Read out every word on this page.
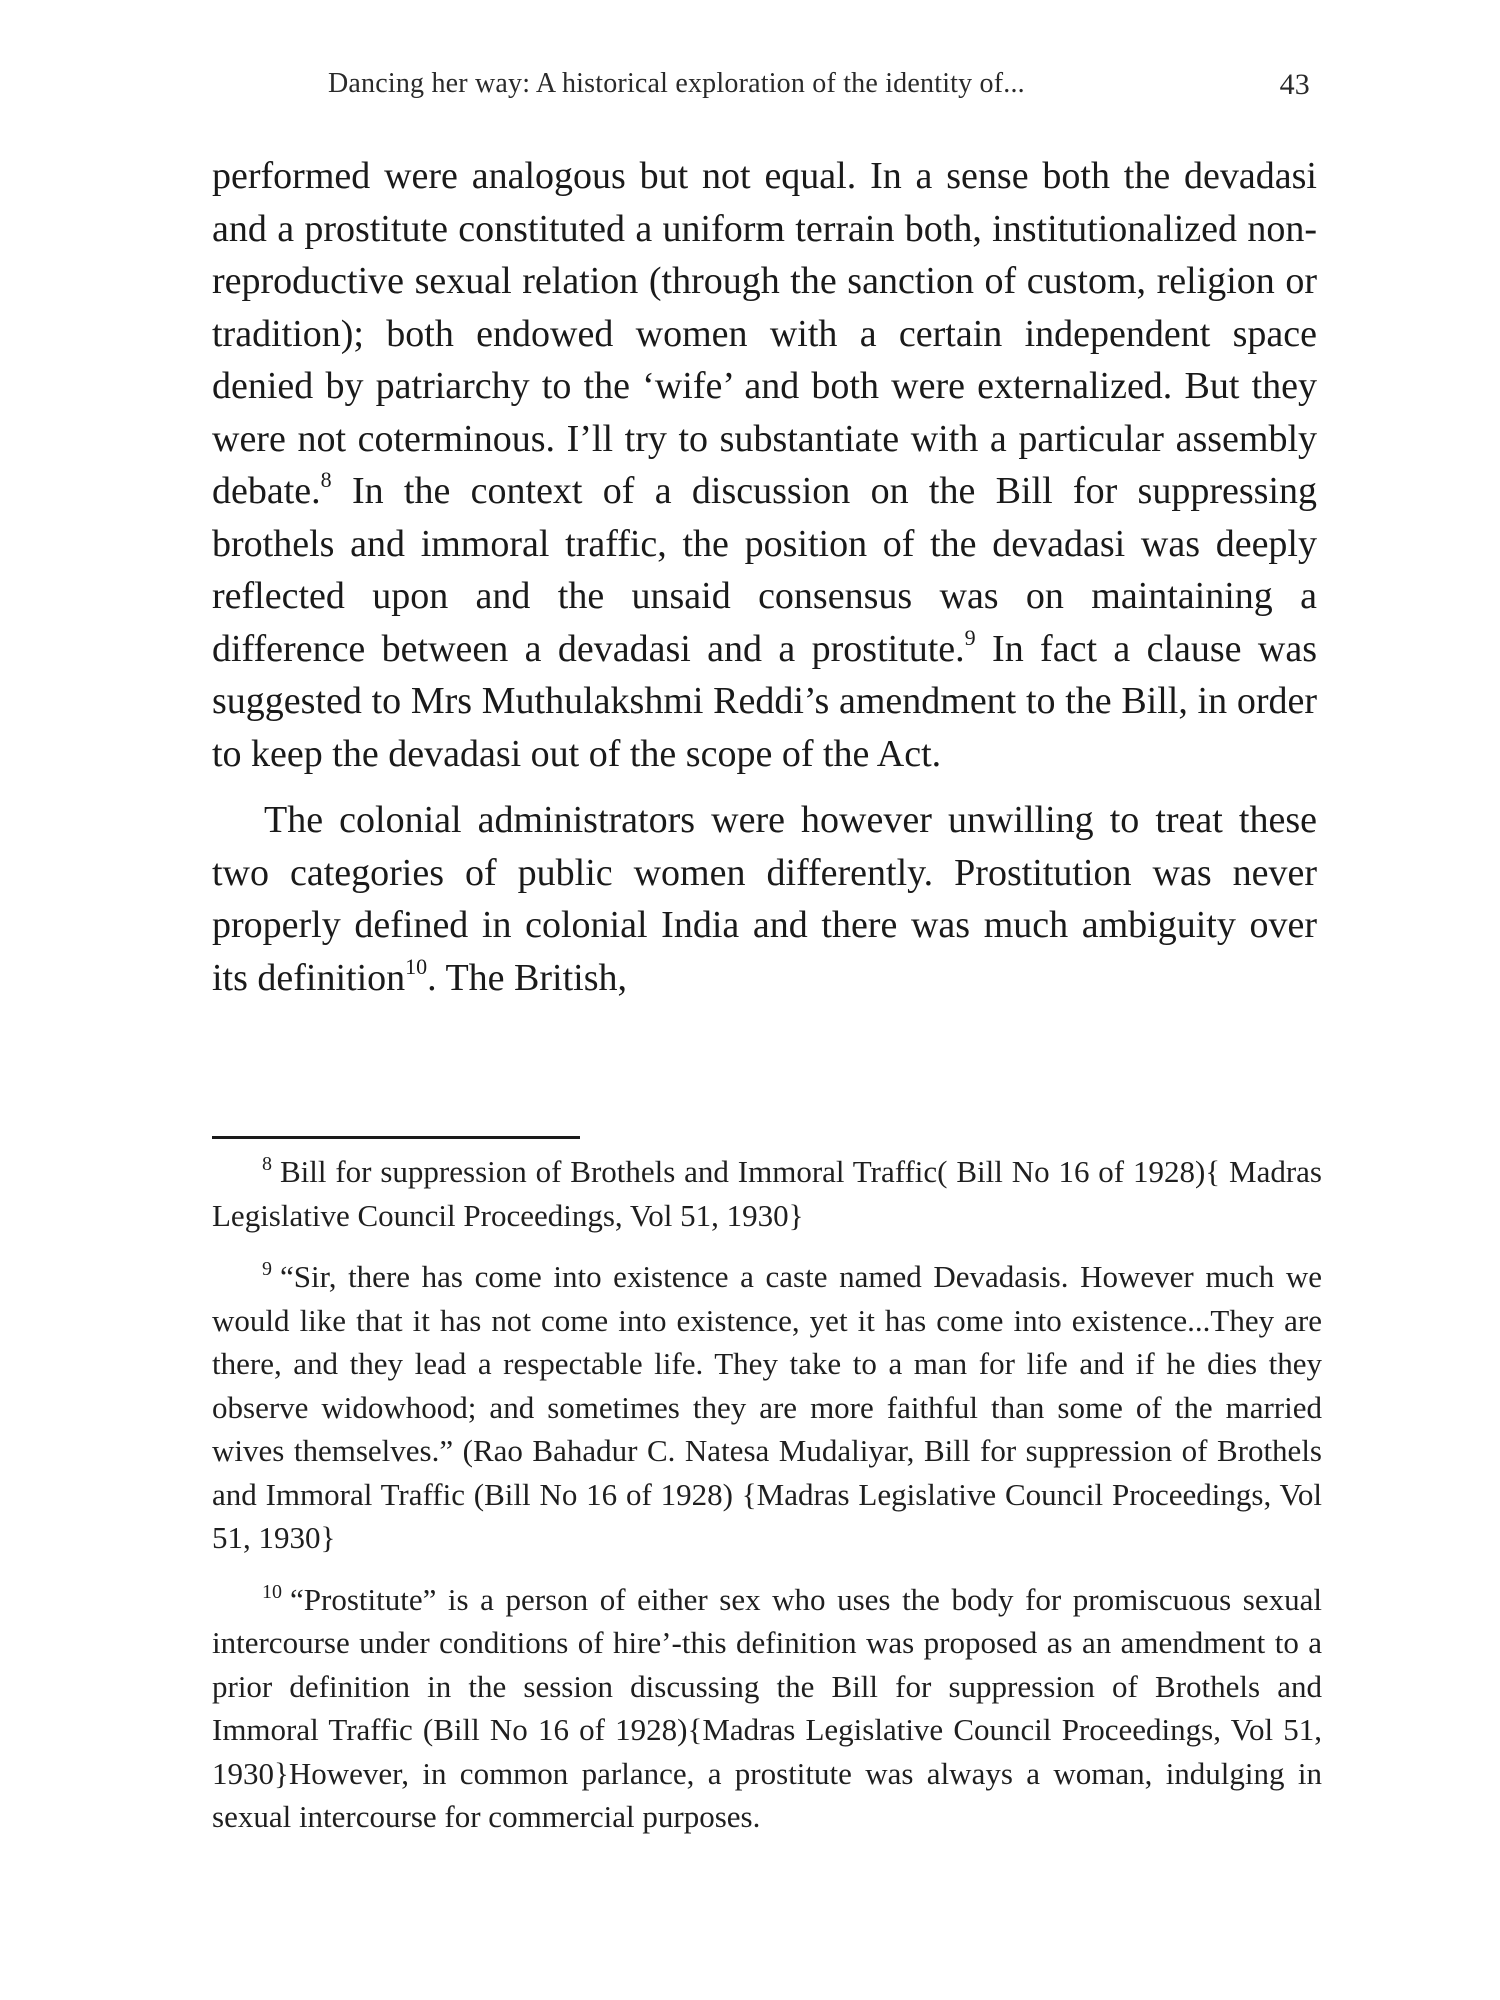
Dancing her way: A historical exploration of the identity of...	43

performed were analogous but not equal. In a sense both the devadasi and a prostitute constituted a uniform terrain both, institutionalized non-reproductive sexual relation (through the sanction of custom, religion or tradition); both endowed women with a certain independent space denied by patriarchy to the ‘wife’ and both were externalized. But they were not coterminous. I’ll try to substantiate with a particular assembly debate.$^8$ In the context of a discussion on the Bill for suppressing brothels and immoral traffic, the position of the devadasi was deeply reflected upon and the unsaid consensus was on maintaining a difference between a devadasi and a prostitute.$^9$ In fact a clause was suggested to Mrs Muthulakshmi Reddi’s amendment to the Bill, in order to keep the devadasi out of the scope of the Act.

The colonial administrators were however unwilling to treat these two categories of public women differently. Prostitution was never properly defined in colonial India and there was much ambiguity over its definition$^{10}$. The British,

$^8$ Bill for suppression of Brothels and Immoral Traffic( Bill No 16 of 1928){ Madras Legislative Council Proceedings, Vol 51, 1930}

$^9$ “Sir, there has come into existence a caste named Devadasis. However much we would like that it has not come into existence, yet it has come into existence...They are there, and they lead a respectable life. They take to a man for life and if he dies they observe widowhood; and sometimes they are more faithful than some of the married wives themselves.” (Rao Bahadur C. Natesa Mudaliyar, Bill for suppression of Brothels and Immoral Traffic (Bill No 16 of 1928) {Madras Legislative Council Proceedings, Vol 51, 1930}

$^{10}$ “Prostitute” is a person of either sex who uses the body for promiscuous sexual intercourse under conditions of hire’-this definition was proposed as an amendment to a prior definition in the session discussing the Bill for suppression of Brothels and Immoral Traffic (Bill No 16 of 1928){Madras Legislative Council Proceedings, Vol 51, 1930}However, in common parlance, a prostitute was always a woman, indulging in sexual intercourse for commercial purposes.
